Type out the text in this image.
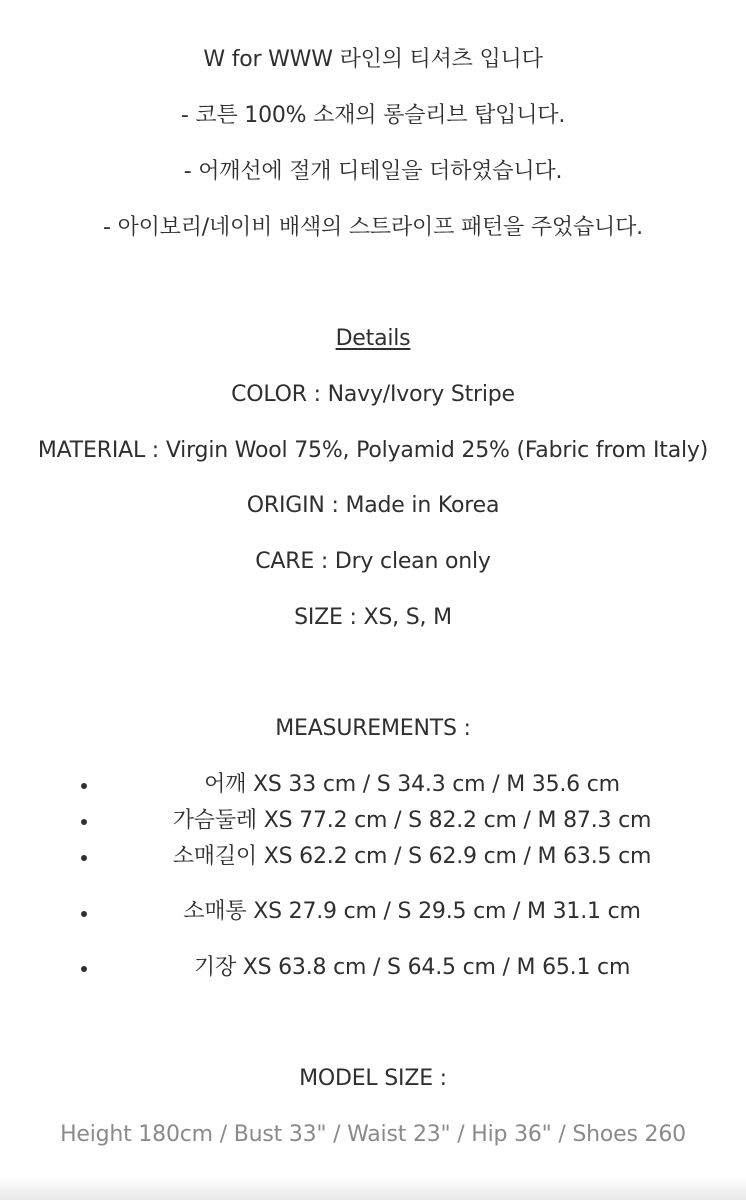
W for WWW 라인의 티셔츠 입니다
- 코튼 100% 소재의 롱슬리브 탑입니다.
- 어깨선에 절개 디테일을 더하였습니다.
- 아이보리/네이비 배색의 스트라이프 패턴을 주었습니다.
Details
COLOR : Navy/Ivory Stripe
MATERIAL : Virgin Wool 75%, Polyamid 25% (Fabric from Italy)
ORIGIN : Made in Korea
CARE : Dry clean only
SIZE : XS, S, M
MEASUREMENTS :
어깨 XS 33 cm / S 34.3 cm / M 35.6 cm
가슴둘레 XS 77.2 cm / S 82.2 cm / M 87.3 cm
소매길이 XS 62.2 cm / S 62.9 cm / M 63.5 cm
소매통 XS 27.9 cm / S 29.5 cm / M 31.1 cm
기장 XS 63.8 cm / S 64.5 cm / M 65.1 cm
MODEL SIZE :
Height 180cm / Bust 33" / Waist 23" / Hip 36" / Shoes 260
